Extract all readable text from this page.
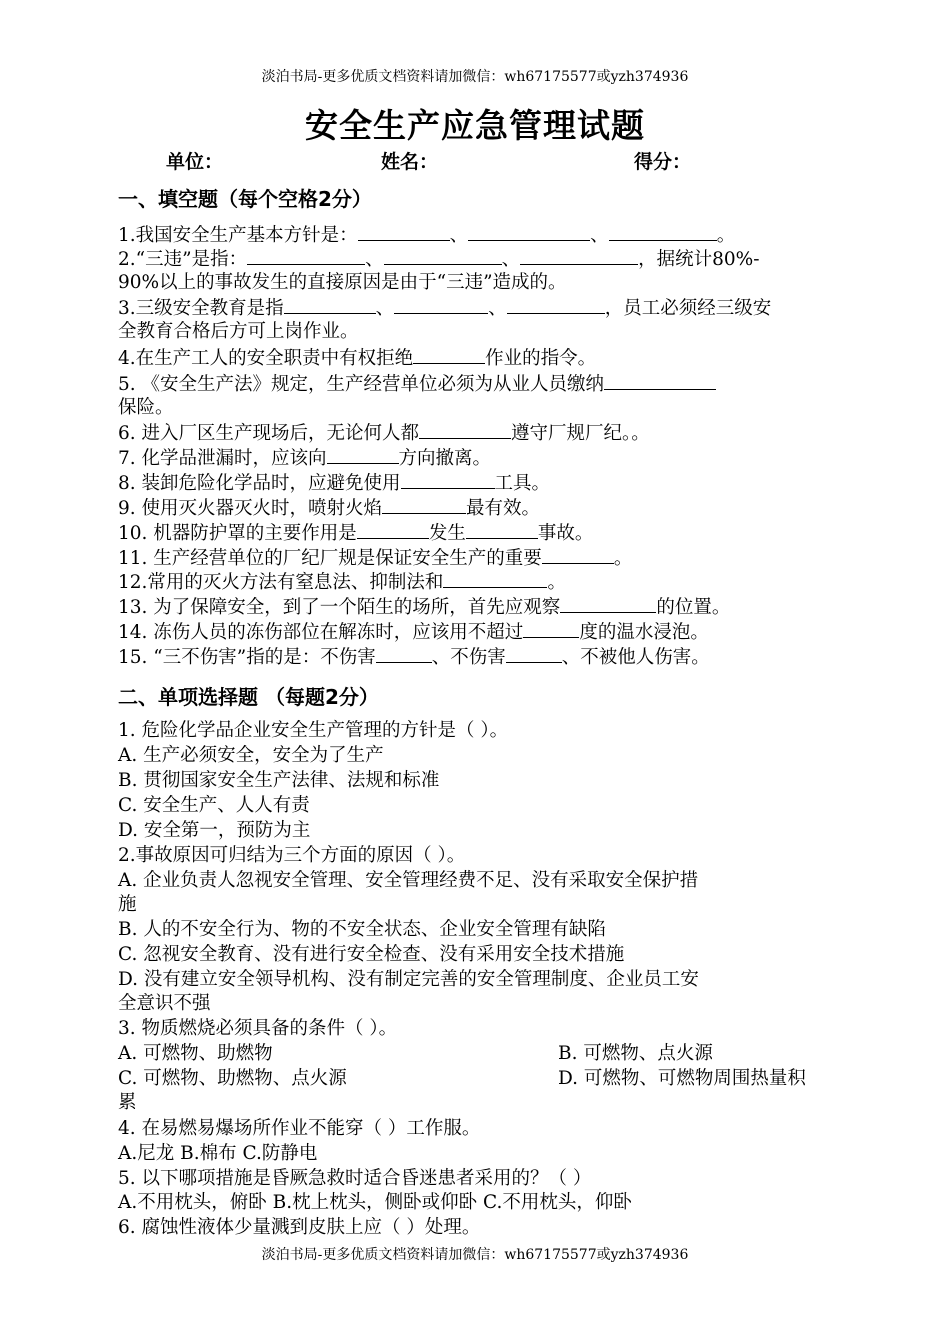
淡泊书局-更多优质文档资料请加微信：wh67175577或yzh374936
安全生产应急管理试题
单位：	姓名：	得分：
一、填空题（每个空格2分）
1.我国安全生产基本方针是：	、	、	。
2.“三违”是指：	、	、	，据统计80%-
90%以上的事故发生的直接原因是由于“三违”造成的。
3.三级安全教育是指	、	、	，员工必须经三级安
全教育合格后方可上岗作业。
4.在生产工人的安全职责中有权拒绝	作业的指令。
5. 《安全生产法》规定，生产经营单位必须为从业人员缴纳
保险。
6. 进入厂区生产现场后，无论何人都	遵守厂规厂纪。。
7. 化学品泄漏时，应该向	方向撤离。
8. 装卸危险化学品时，应避免使用	工具。
9. 使用灭火器灭火时，喷射火焰	最有效。
10. 机器防护罩的主要作用是	发生	事故。
11. 生产经营单位的厂纪厂规是保证安全生产的重要	。
12.常用的灭火方法有窒息法、抑制法和	。
13. 为了保障安全，到了一个陌生的场所，首先应观察	的位置。
14. 冻伤人员的冻伤部位在解冻时，应该用不超过	度的温水浸泡。
15. “三不伤害”指的是：不伤害	、不伤害	、不被他人伤害。
二、单项选择题 （每题2分）
1. 危险化学品企业安全生产管理的方针是（ ）。
A. 生产必须安全，安全为了生产
B. 贯彻国家安全生产法律、法规和标准
C. 安全生产、人人有责
D. 安全第一，预防为主
2.事故原因可归结为三个方面的原因（ ）。
A. 企业负责人忽视安全管理、安全管理经费不足、没有采取安全保护措
施
B. 人的不安全行为、物的不安全状态、企业安全管理有缺陷
C. 忽视安全教育、没有进行安全检查、没有采用安全技术措施
D. 没有建立安全领导机构、没有制定完善的安全管理制度、企业员工安
全意识不强
3. 物质燃烧必须具备的条件（ ）。
A. 可燃物、助燃物	B. 可燃物、点火源
C. 可燃物、助燃物、点火源	D. 可燃物、可燃物周围热量积
累
4. 在易燃易爆场所作业不能穿（ ）工作服。
A.尼龙 B.棉布 C.防静电
5. 以下哪项措施是昏厥急救时适合昏迷患者采用的？（ ）
A.不用枕头，俯卧 B.枕上枕头，侧卧或仰卧 C.不用枕头，仰卧
6. 腐蚀性液体少量溅到皮肤上应（ ）处理。
淡泊书局-更多优质文档资料请加微信：wh67175577或yzh374936
